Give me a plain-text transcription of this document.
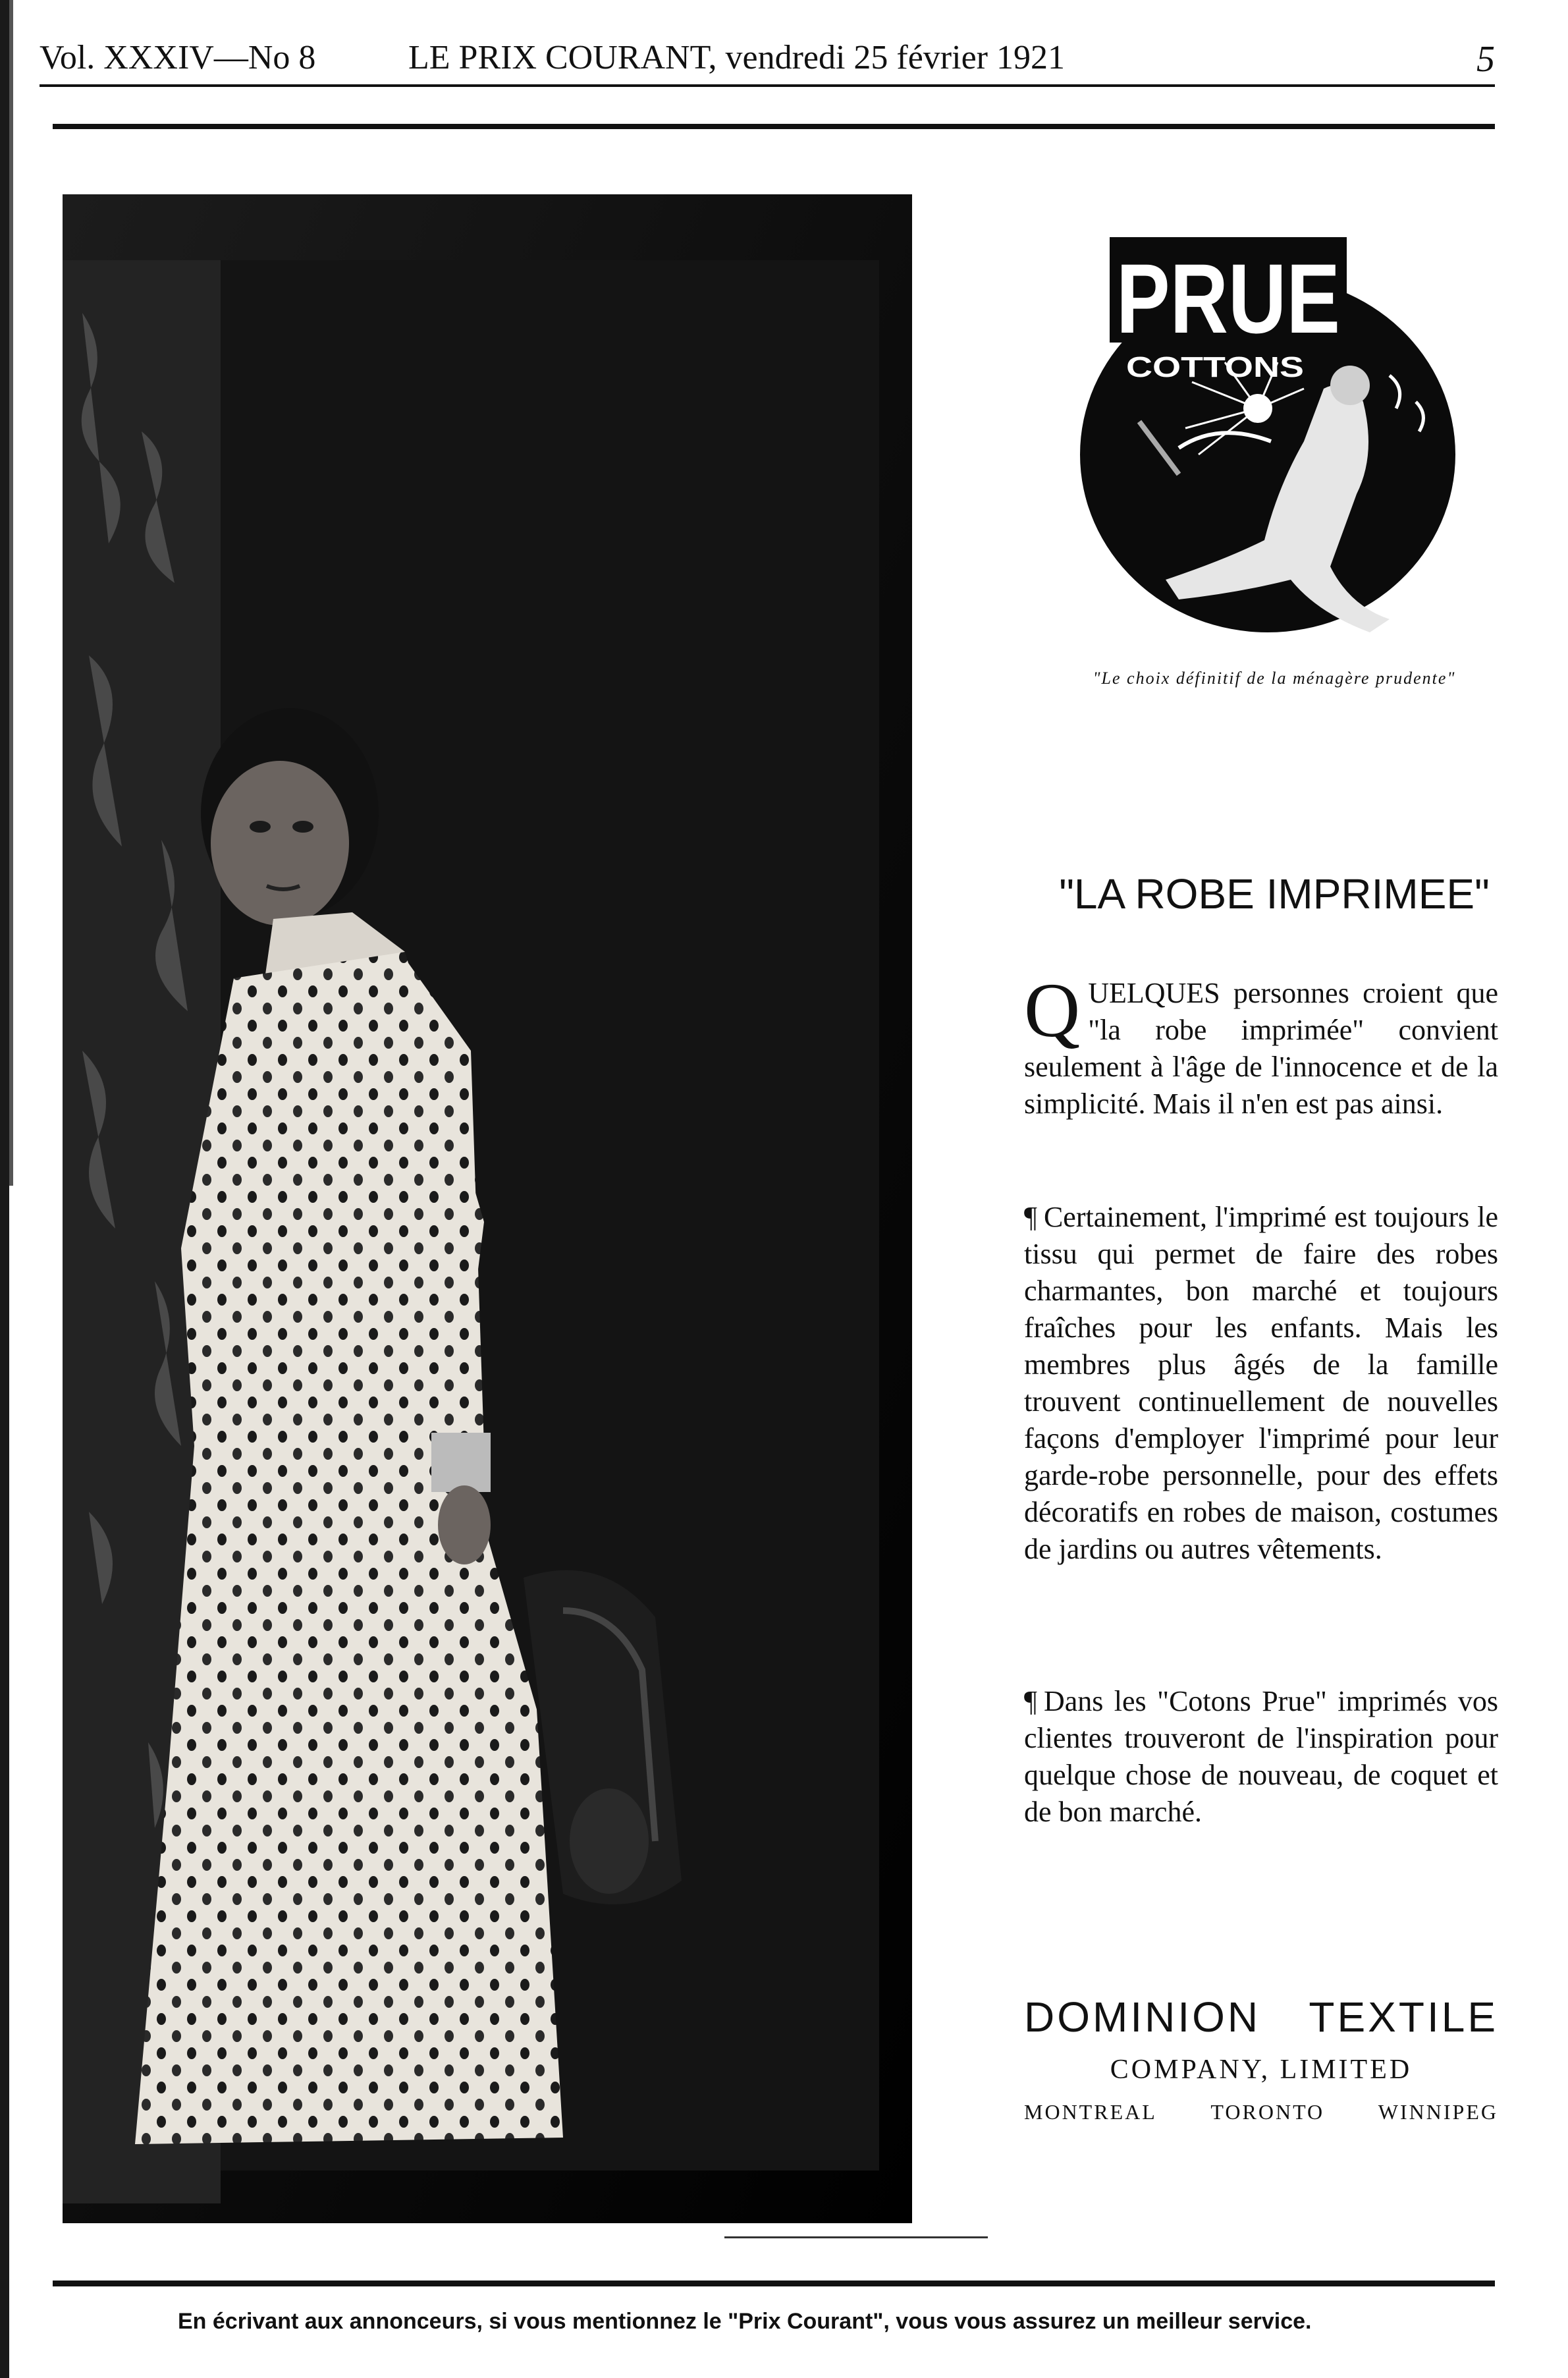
Vol. XXXIV—No 8	LE PRIX COURANT, vendredi 25 février 1921	5
PRUE
COTTONS
"Le choix définitif de la ménagère prudente"
"LA ROBE IMPRIMEE"
QUELQUES personnes croient que "la robe imprimée" convient seulement à l'âge de l'innocence et de la simplicité. Mais il n'en est pas ainsi.
¶ Certainement, l'imprimé est toujours le tissu qui permet de faire des robes charmantes, bon marché et toujours fraîches pour les enfants. Mais les membres plus âgés de la famille trouvent continuellement de nouvelles façons d'employer l'imprimé pour leur garde-robe personnelle, pour des effets décoratifs en robes de maison, costumes de jardins ou autres vêtements.
¶ Dans les "Cotons Prue" imprimés vos clientes trouveront de l'inspiration pour quelque chose de nouveau, de coquet et de bon marché.
DOMINION TEXTILE
COMPANY, LIMITED
MONTREAL	TORONTO	WINNIPEG
En écrivant aux annonceurs, si vous mentionnez le "Prix Courant", vous vous assurez un meilleur service.
